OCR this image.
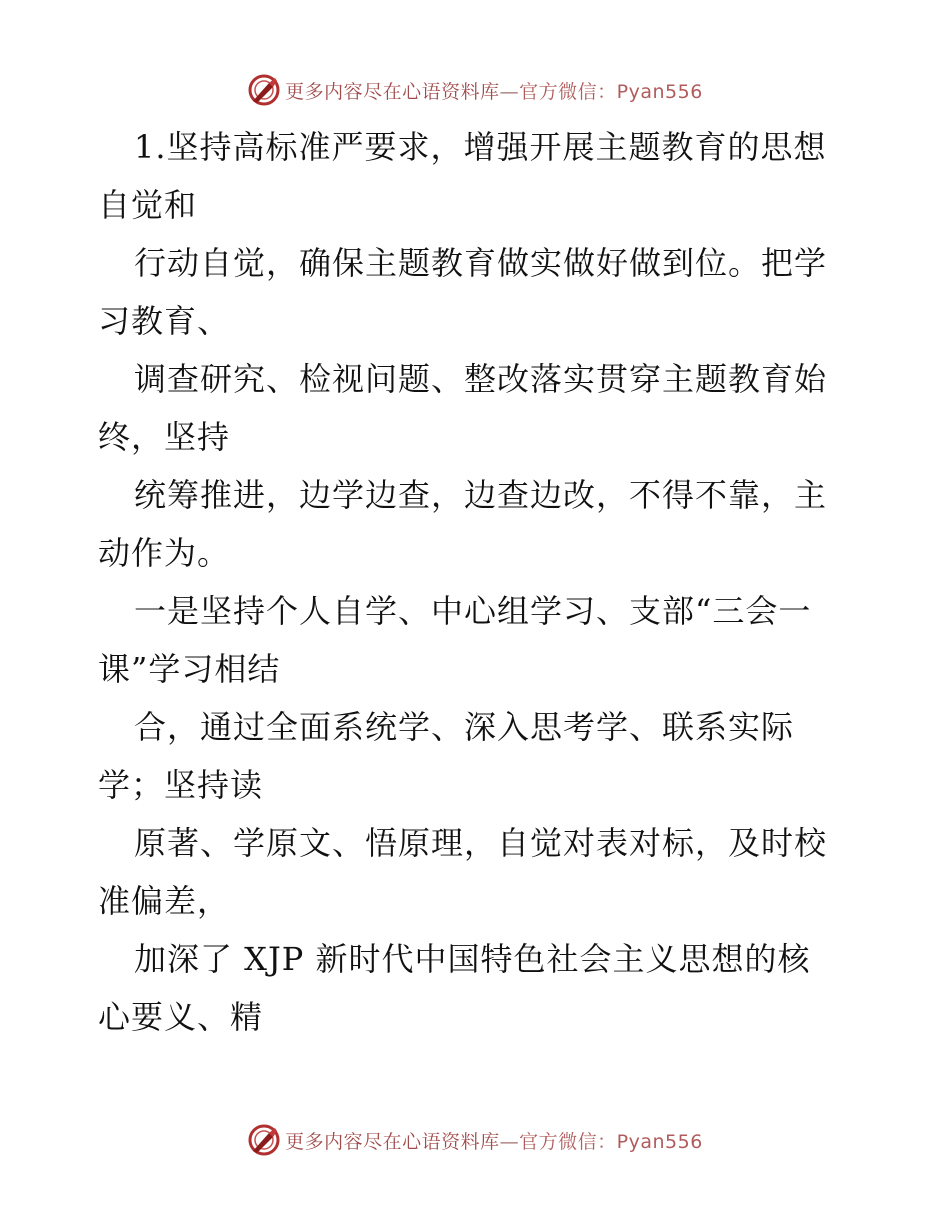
更多内容尽在心语资料库—官方微信：Pyan556
1.坚持高标准严要求，增强开展主题教育的思想
自觉和
行动自觉，确保主题教育做实做好做到位。把学
习教育、
调查研究、检视问题、整改落实贯穿主题教育始
终，坚持
统筹推进，边学边查，边查边改，不得不靠，主
动作为。
一是坚持个人自学、中心组学习、支部“三会一
课”学习相结
合，通过全面系统学、深入思考学、联系实际
学；坚持读
原著、学原文、悟原理，自觉对表对标，及时校
准偏差，
加深了 XJP 新时代中国特色社会主义思想的核
心要义、精
更多内容尽在心语资料库—官方微信：Pyan556
